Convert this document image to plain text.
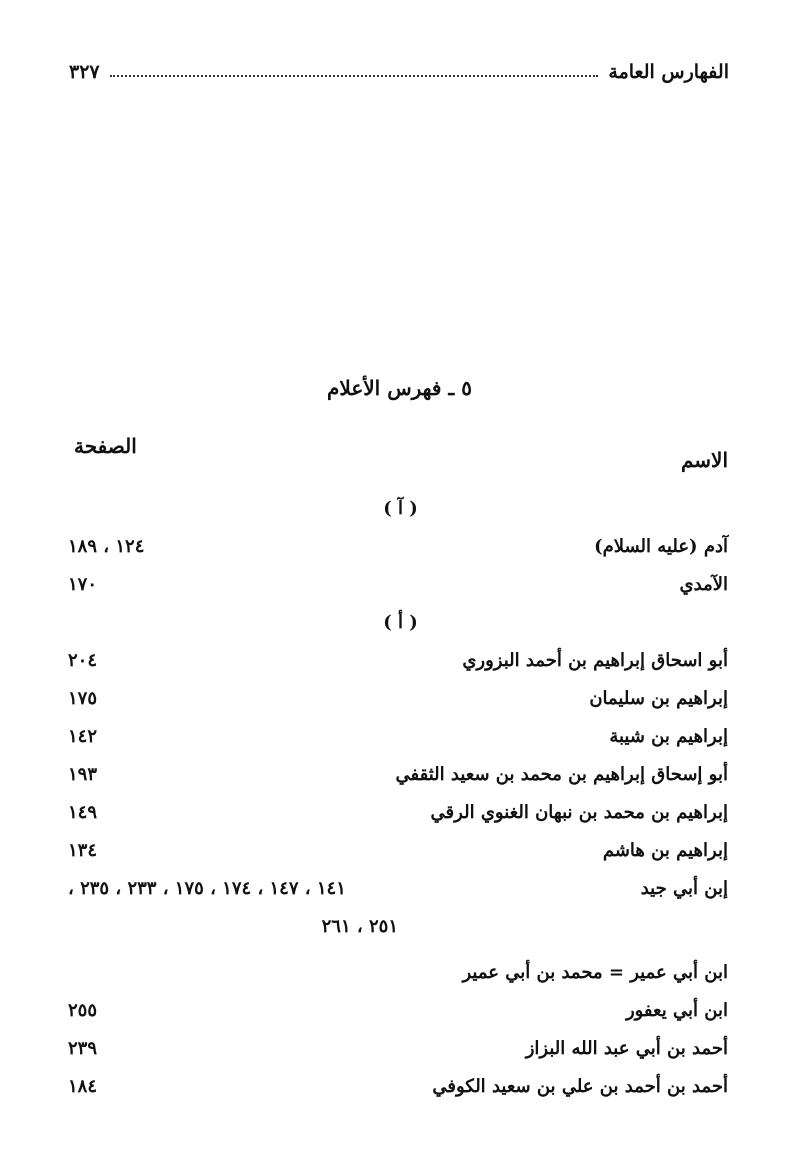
الفهارس العامة
٣٢٧
٥ ـ فهرس الأعلام
الاسم
الصفحة
( آ )
آدم (عليه السلام)
١٢٤ ، ١٨٩
الآمدي
١٧٠
( أ )
أبو اسحاق إبراهيم بن أحمد البزوري
٢٠٤
إبراهيم بن سليمان
١٧٥
إبراهيم بن شيبة
١٤٢
أبو إسحاق إبراهيم بن محمد بن سعيد الثقفي
١٩٣
إبراهيم بن محمد بن نبهان الغنوي الرقي
١٤٩
إبراهيم بن هاشم
١٣٤
إبن أبي جيد
١٤١ ، ١٤٧ ، ١٧٤ ، ١٧٥ ، ٢٣٣ ، ٢٣٥ ،
٢٥١ ، ٢٦١
ابن أبي عمير = محمد بن أبي عمير
ابن أبي يعفور
٢٥٥
أحمد بن أبي عبد الله البزاز
٢٣٩
أحمد بن أحمد بن علي بن سعيد الكوفي
١٨٤
